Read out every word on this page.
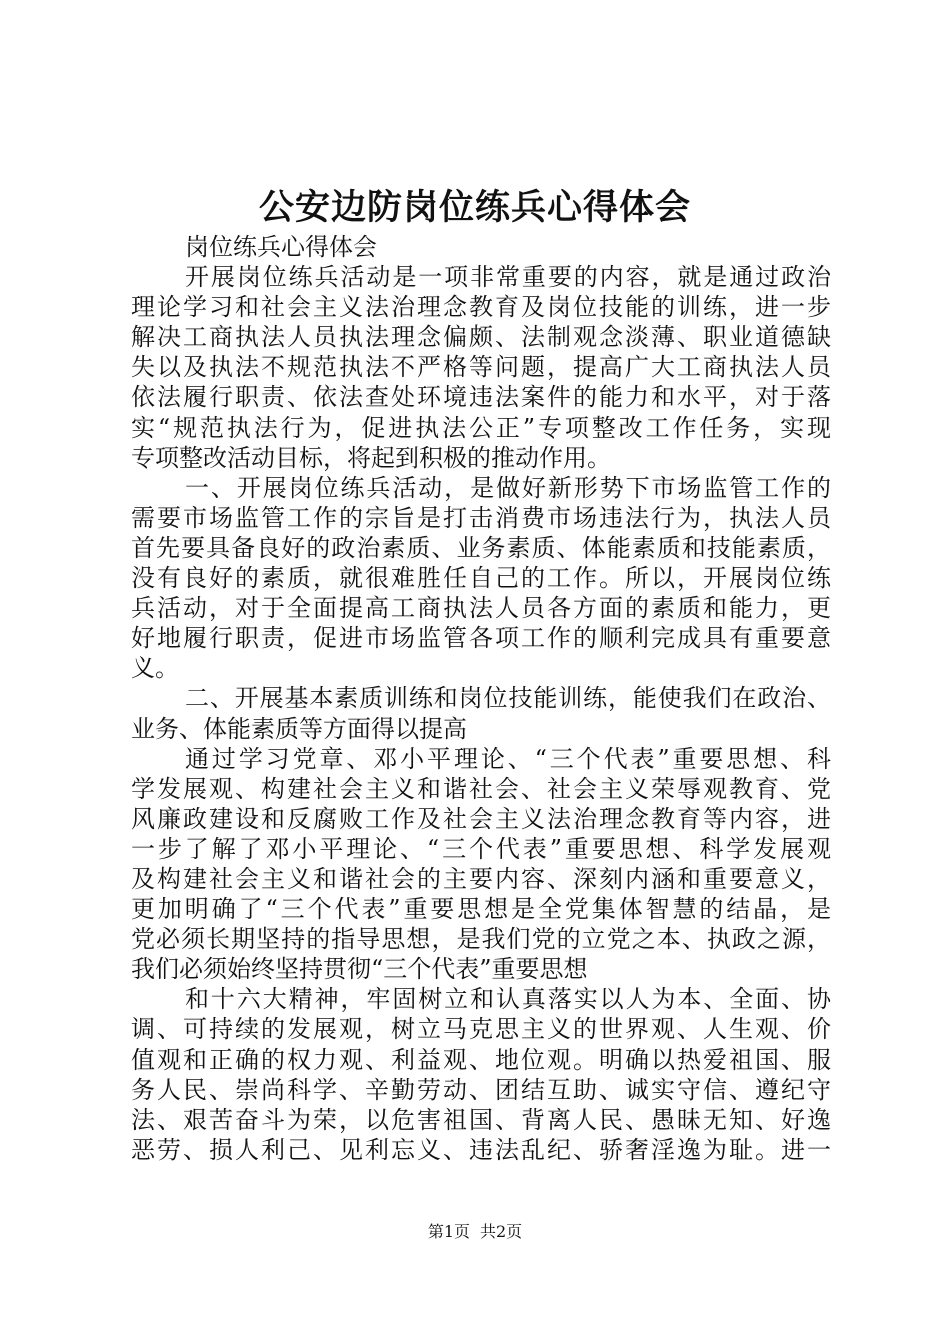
公安边防岗位练兵心得体会
岗位练兵心得体会
开展岗位练兵活动是一项非常重要的内容，就是通过政治
理论学习和社会主义法治理念教育及岗位技能的训练，进一步
解决工商执法人员执法理念偏颇、法制观念淡薄、职业道德缺
失以及执法不规范执法不严格等问题，提高广大工商执法人员
依法履行职责、依法查处环境违法案件的能力和水平，对于落
实“规范执法行为，促进执法公正”专项整改工作任务，实现
专项整改活动目标，将起到积极的推动作用。
一、开展岗位练兵活动，是做好新形势下市场监管工作的
需要市场监管工作的宗旨是打击消费市场违法行为，执法人员
首先要具备良好的政治素质、业务素质、体能素质和技能素质，
没有良好的素质，就很难胜任自己的工作。所以，开展岗位练
兵活动，对于全面提高工商执法人员各方面的素质和能力，更
好地履行职责，促进市场监管各项工作的顺利完成具有重要意
义。
二、开展基本素质训练和岗位技能训练，能使我们在政治、
业务、体能素质等方面得以提高
通过学习党章、邓小平理论、“三个代表”重要思想、科
学发展观、构建社会主义和谐社会、社会主义荣辱观教育、党
风廉政建设和反腐败工作及社会主义法治理念教育等内容，进
一步了解了邓小平理论、“三个代表”重要思想、科学发展观
及构建社会主义和谐社会的主要内容、深刻内涵和重要意义，
更加明确了“三个代表”重要思想是全党集体智慧的结晶，是
党必须长期坚持的指导思想，是我们党的立党之本、执政之源，
我们必须始终坚持贯彻“三个代表”重要思想
和十六大精神，牢固树立和认真落实以人为本、全面、协
调、可持续的发展观，树立马克思主义的世界观、人生观、价
值观和正确的权力观、利益观、地位观。明确以热爱祖国、服
务人民、崇尚科学、辛勤劳动、团结互助、诚实守信、遵纪守
法、艰苦奋斗为荣，以危害祖国、背离人民、愚昧无知、好逸
恶劳、损人利己、见利忘义、违法乱纪、骄奢淫逸为耻。进一
第1页 共2页
